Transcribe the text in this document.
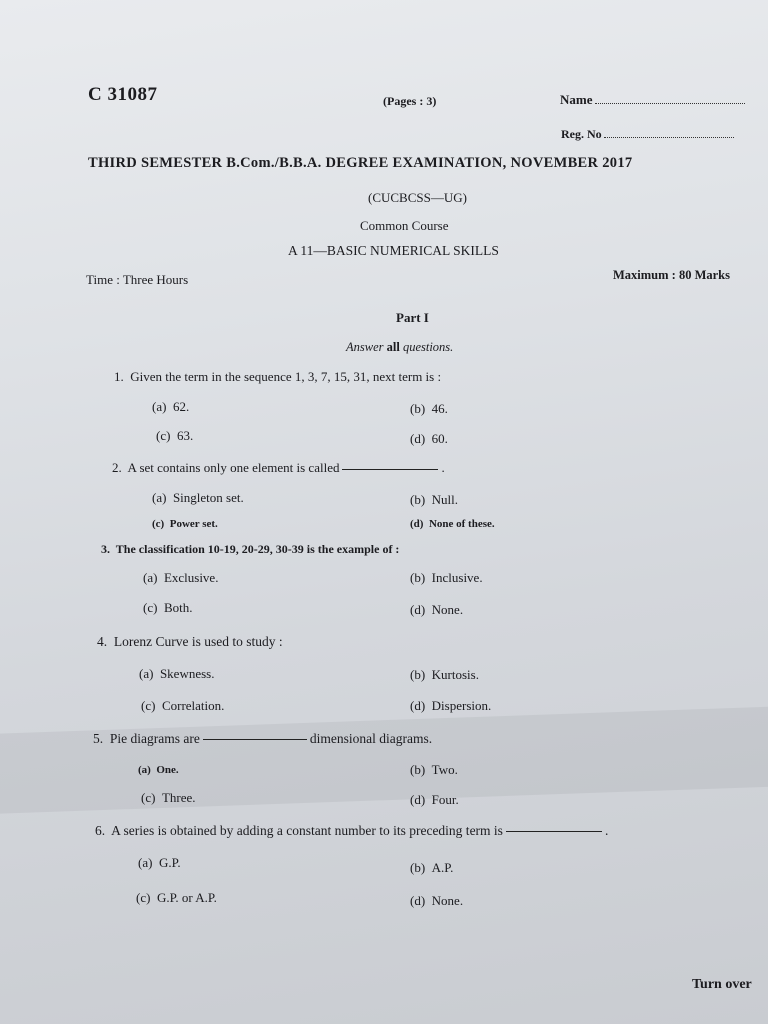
C 31087	(Pages : 3)	Name
Reg. No
THIRD SEMESTER B.Com./B.B.A. DEGREE EXAMINATION, NOVEMBER 2017
(CUCBCSS—UG)
Common Course
A 11—BASIC NUMERICAL SKILLS
Time : Three Hours	Maximum : 80 Marks
Part I
Answer all questions.
1. Given the term in the sequence 1, 3, 7, 15, 31, next term is :
(a) 62.	(b) 46.
(c) 63.	(d) 60.
2. A set contains only one element is called	.
(a) Singleton set.	(b) Null.
(c) Power set.	(d) None of these.
3. The classification 10-19, 20-29, 30-39 is the example of :
(a) Exclusive.	(b) Inclusive.
(c) Both.	(d) None.
4. Lorenz Curve is used to study :
(a) Skewness.	(b) Kurtosis.
(c) Correlation.	(d) Dispersion.
5. Pie diagrams are	dimensional diagrams.
(a) One.	(b) Two.
(c) Three.	(d) Four.
6. A series is obtained by adding a constant number to its preceding term is	.
(a) G.P.	(b) A.P.
(c) G.P. or A.P.	(d) None.
Turn over
